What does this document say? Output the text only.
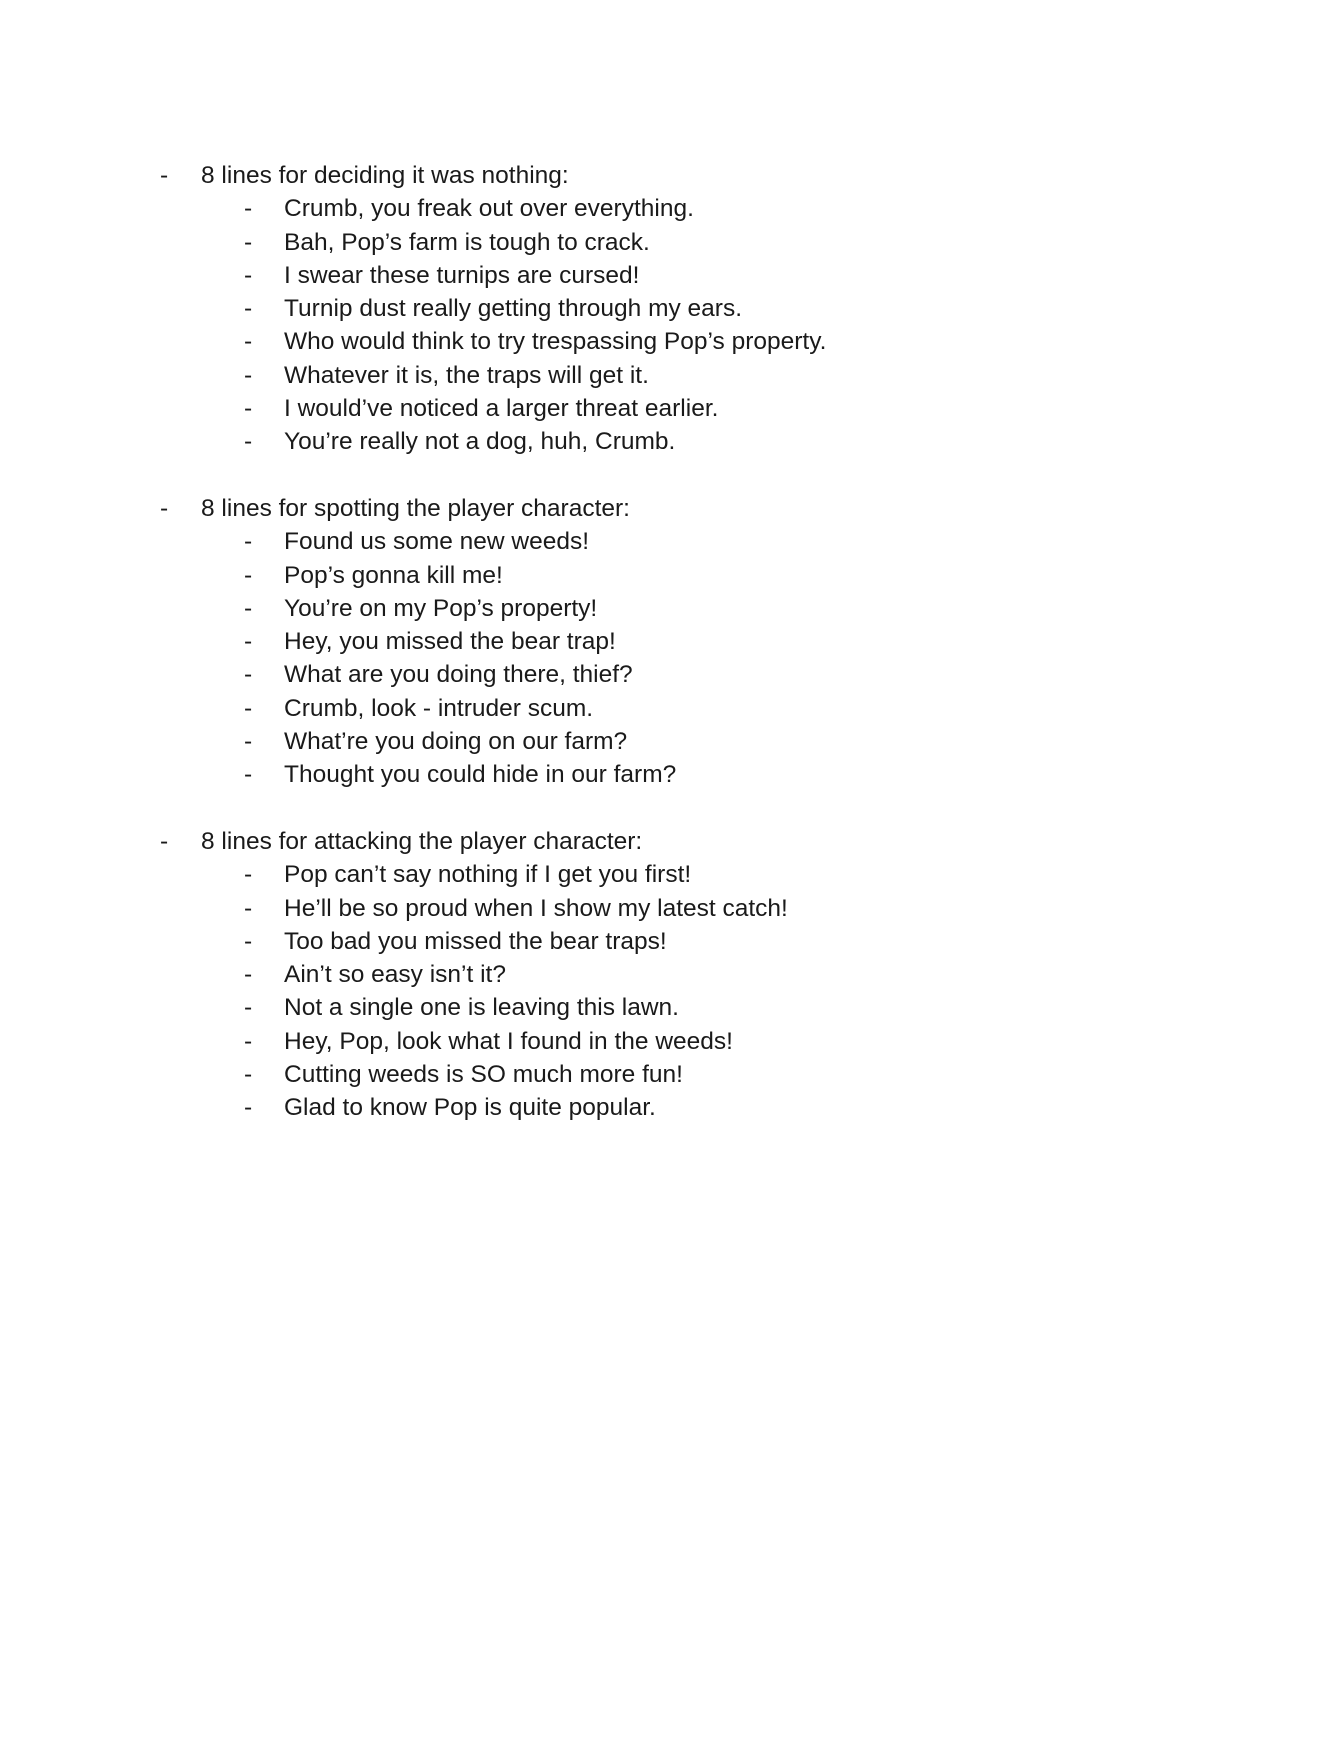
- 8 lines for deciding it was nothing:
- Crumb, you freak out over everything.
- Bah, Pop’s farm is tough to crack.
- I swear these turnips are cursed!
- Turnip dust really getting through my ears.
- Who would think to try trespassing Pop’s property.
- Whatever it is, the traps will get it.
- I would’ve noticed a larger threat earlier.
- You’re really not a dog, huh, Crumb.
- 8 lines for spotting the player character:
- Found us some new weeds!
- Pop’s gonna kill me!
- You’re on my Pop’s property!
- Hey, you missed the bear trap!
- What are you doing there, thief?
- Crumb, look - intruder scum.
- What’re you doing on our farm?
- Thought you could hide in our farm?
- 8 lines for attacking the player character:
- Pop can’t say nothing if I get you first!
- He’ll be so proud when I show my latest catch!
- Too bad you missed the bear traps!
- Ain’t so easy isn’t it?
- Not a single one is leaving this lawn.
- Hey, Pop, look what I found in the weeds!
- Cutting weeds is SO much more fun!
- Glad to know Pop is quite popular.
